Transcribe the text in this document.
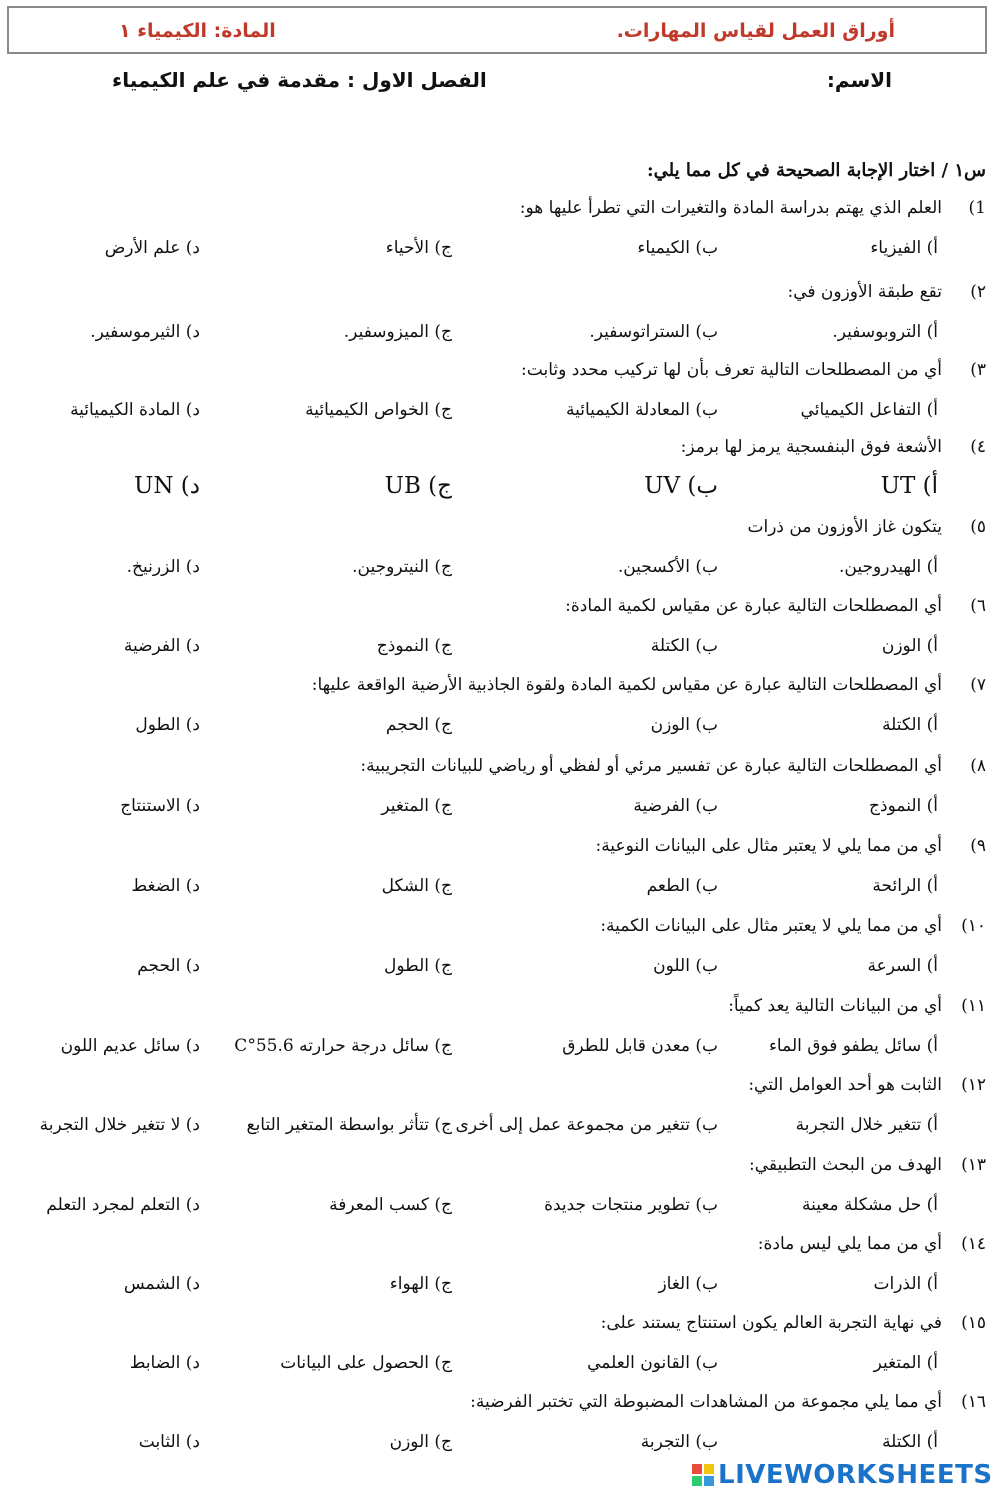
أوراق العمل لقياس المهارات.
المادة: الكيمياء ١
الاسم:
الفصل الاول : مقدمة في علم الكيمياء
س١ / اختار الإجابة الصحيحة في كل مما يلي:
1)العلم الذي يهتم بدراسة المادة والتغيرات التي تطرأ عليها هو:
أ) الفيزياء
ب) الكيمياء
ج) الأحياء
د) علم الأرض
٢)تقع طبقة الأوزون في:
أ) التروبوسفير.
ب) الستراتوسفير.
ج) الميزوسفير.
د) الثيرموسفير.
٣)أي من المصطلحات التالية تعرف بأن لها تركيب محدد وثابت:
أ) التفاعل الكيميائي
ب) المعادلة الكيميائية
ج) الخواص الكيميائية
د) المادة الكيميائية
٤)الأشعة فوق البنفسجية يرمز لها برمز:
أ) UT
ب) UV
ج) UB
د) UN
٥)يتكون غاز الأوزون من ذرات
أ) الهيدروجين.
ب) الأكسجين.
ج) النيتروجين.
د) الزرنيخ.
٦)أي المصطلحات التالية عبارة عن مقياس لكمية المادة:
أ) الوزن
ب) الكتلة
ج) النموذج
د) الفرضية
٧)أي المصطلحات التالية عبارة عن مقياس لكمية المادة ولقوة الجاذبية الأرضية الواقعة عليها:
أ) الكتلة
ب) الوزن
ج) الحجم
د) الطول
٨)أي المصطلحات التالية عبارة عن تفسير مرئي أو لفظي أو رياضي للبيانات التجريبية:
أ) النموذج
ب) الفرضية
ج) المتغير
د) الاستنتاج
٩)أي من مما يلي لا يعتبر مثال على البيانات النوعية:
أ) الرائحة
ب) الطعم
ج) الشكل
د) الضغط
١٠)أي من مما يلي لا يعتبر مثال على البيانات الكمية:
أ) السرعة
ب) اللون
ج) الطول
د) الحجم
١١)أي من البيانات التالية يعد كمياً:
أ) سائل يطفو فوق الماء
ب) معدن قابل للطرق
ج) سائل درجة حرارته 55.6°C
د) سائل عديم اللون
١٢)الثابت هو أحد العوامل التي:
أ) تتغير خلال التجربة
ب) تتغير من مجموعة عمل إلى أخرى
ج) تتأثر بواسطة المتغير التابع
د) لا تتغير خلال التجربة
١٣)الهدف من البحث التطبيقي:
أ) حل مشكلة معينة
ب) تطوير منتجات جديدة
ج) كسب المعرفة
د) التعلم لمجرد التعلم
١٤)أي من مما يلي ليس مادة:
أ) الذرات
ب) الغاز
ج) الهواء
د) الشمس
١٥)في نهاية التجربة العالم يكون استنتاج يستند على:
أ) المتغير
ب) القانون العلمي
ج) الحصول على البيانات
د) الضابط
١٦)أي مما يلي مجموعة من المشاهدات المضبوطة التي تختبر الفرضية:
أ) الكتلة
ب) التجربة
ج) الوزن
د) الثابت
LIVEWORKSHEETS
